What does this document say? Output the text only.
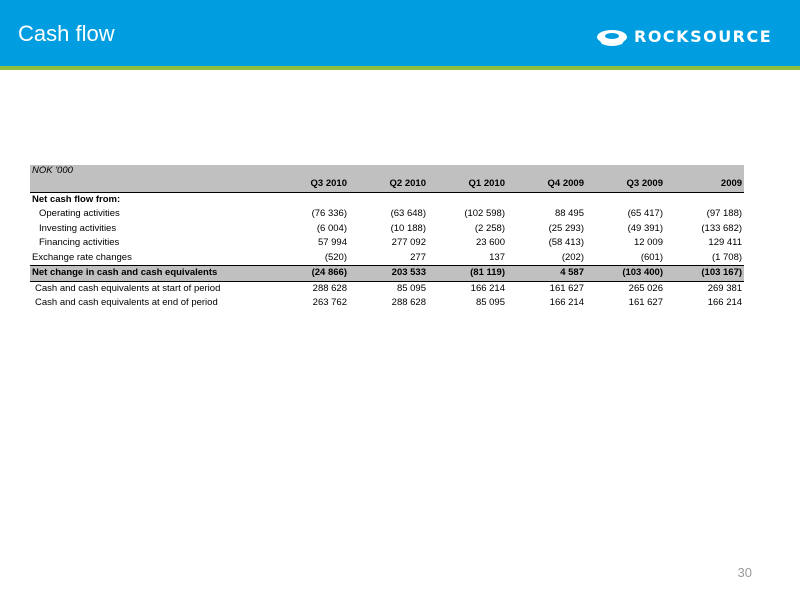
Cash flow	ROCKSOURCE
NOK '000						
	Q3 2010	Q2 2010	Q1 2010	Q4 2009	Q3 2009	2009
Net cash flow from:						
Operating activities	(76 336)	(63 648)	(102 598)	88 495	(65 417)	(97 188)
Investing activities	(6 004)	(10 188)	(2 258)	(25 293)	(49 391)	(133 682)
Financing activities	57 994	277 092	23 600	(58 413)	12 009	129 411
Exchange rate changes	(520)	277	137	(202)	(601)	(1 708)
Net change in cash and cash equivalents	(24 866)	203 533	(81 119)	4 587	(103 400)	(103 167)
Cash and cash equivalents at start of period	288 628	85 095	166 214	161 627	265 026	269 381
Cash and cash equivalents at end of period	263 762	288 628	85 095	166 214	161 627	166 214
30
